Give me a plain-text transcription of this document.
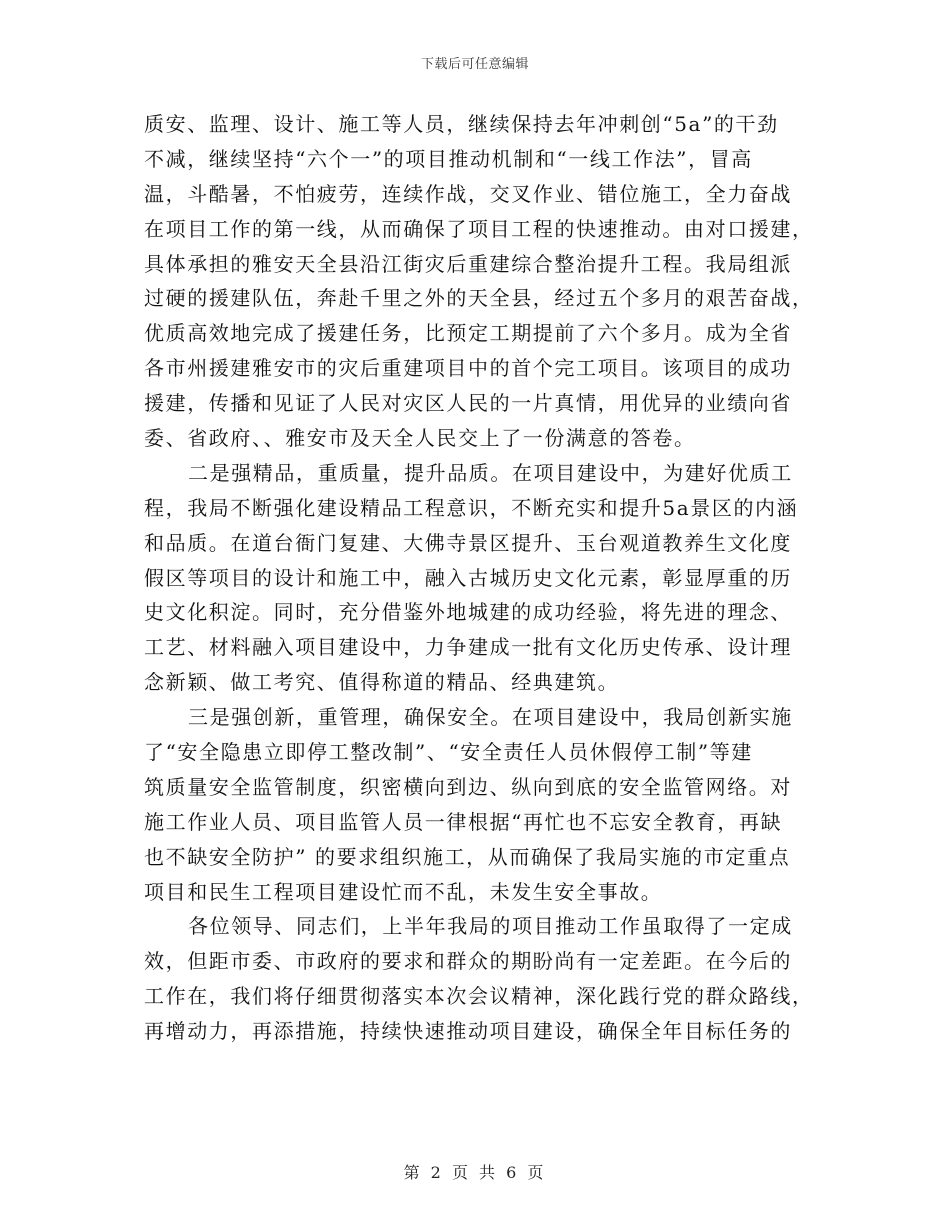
下载后可任意编辑
质安、监理、设计、施工等人员，继续保持去年冲刺创“5a”的干劲
不减，继续坚持“六个一”的项目推动机制和“一线工作法”，冒高
温，斗酷暑，不怕疲劳，连续作战，交叉作业、错位施工，全力奋战
在项目工作的第一线，从而确保了项目工程的快速推动。由对口援建，
具体承担的雅安天全县沿江街灾后重建综合整治提升工程。我局组派
过硬的援建队伍，奔赴千里之外的天全县，经过五个多月的艰苦奋战，
优质高效地完成了援建任务，比预定工期提前了六个多月。成为全省
各市州援建雅安市的灾后重建项目中的首个完工项目。该项目的成功
援建，传播和见证了人民对灾区人民的一片真情，用优异的业绩向省
委、省政府、、雅安市及天全人民交上了一份满意的答卷。
二是强精品，重质量，提升品质。在项目建设中，为建好优质工
程，我局不断强化建设精品工程意识，不断充实和提升5a景区的内涵
和品质。在道台衙门复建、大佛寺景区提升、玉台观道教养生文化度
假区等项目的设计和施工中，融入古城历史文化元素，彰显厚重的历
史文化积淀。同时，充分借鉴外地城建的成功经验，将先进的理念、
工艺、材料融入项目建设中，力争建成一批有文化历史传承、设计理
念新颖、做工考究、值得称道的精品、经典建筑。
三是强创新，重管理，确保安全。在项目建设中，我局创新实施
了“安全隐患立即停工整改制”、“安全责任人员休假停工制”等建
筑质量安全监管制度，织密横向到边、纵向到底的安全监管网络。对
施工作业人员、项目监管人员一律根据“再忙也不忘安全教育，再缺
也不缺安全防护” 的要求组织施工，从而确保了我局实施的市定重点
项目和民生工程项目建设忙而不乱，未发生安全事故。
各位领导、同志们，上半年我局的项目推动工作虽取得了一定成
效，但距市委、市政府的要求和群众的期盼尚有一定差距。在今后的
工作在，我们将仔细贯彻落实本次会议精神，深化践行党的群众路线，
再增动力，再添措施，持续快速推动项目建设，确保全年目标任务的
第 2 页 共 6 页
